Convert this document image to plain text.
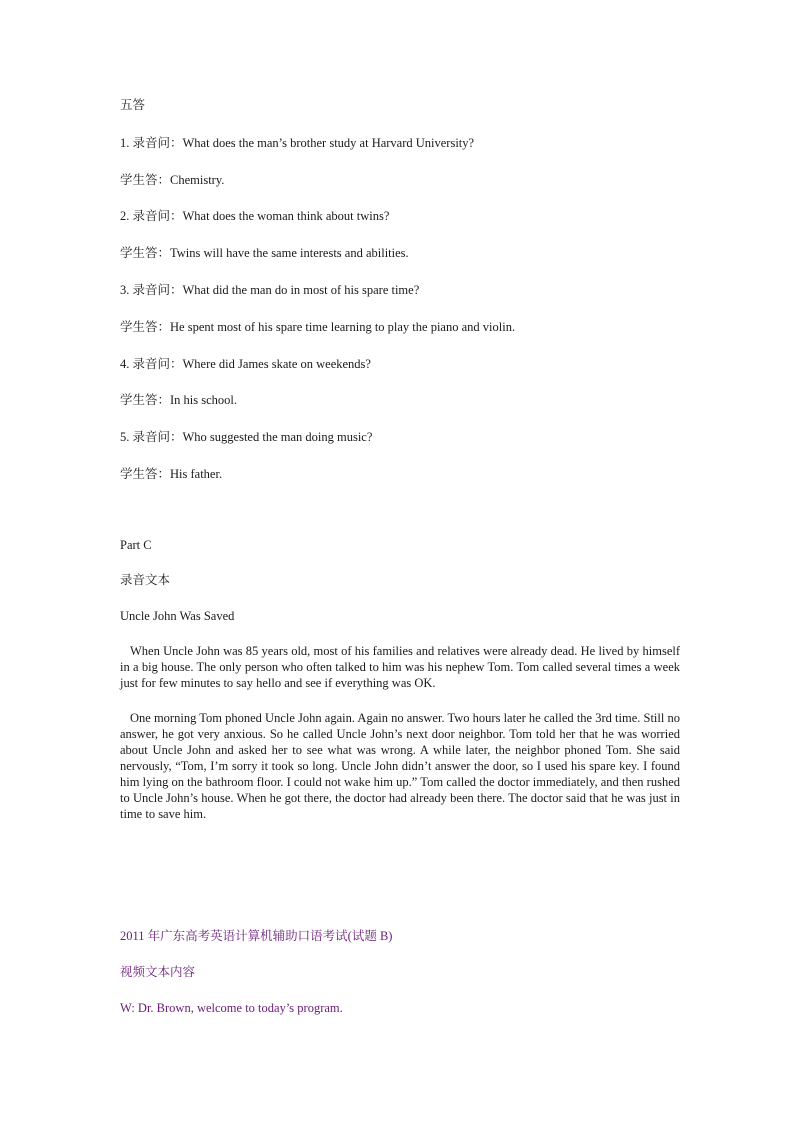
五答
1. 录音问：What does the man’s brother study at Harvard University?
学生答：Chemistry.
2. 录音问：What does the woman think about twins?
学生答：Twins will have the same interests and abilities.
3. 录音问：What did the man do in most of his spare time?
学生答：He spent most of his spare time learning to play the piano and violin.
4. 录音问：Where did James skate on weekends?
学生答：In his school.
5. 录音问：Who suggested the man doing music?
学生答：His father.
Part C
录音文本
Uncle John Was Saved
When Uncle John was 85 years old, most of his families and relatives were already dead. He lived by himself in a big house. The only person who often talked to him was his nephew Tom. Tom called several times a week just for few minutes to say hello and see if everything was OK.
One morning Tom phoned Uncle John again. Again no answer. Two hours later he called the 3rd time. Still no answer, he got very anxious. So he called Uncle John’s next door neighbor. Tom told her that he was worried about Uncle John and asked her to see what was wrong. A while later, the neighbor phoned Tom. She said nervously, “Tom, I’m sorry it took so long. Uncle John didn’t answer the door, so I used his spare key. I found him lying on the bathroom floor. I could not wake him up.” Tom called the doctor immediately, and then rushed to Uncle John’s house. When he got there, the doctor had already been there. The doctor said that he was just in time to save him.
2011 年广东高考英语计算机辅助口语考试(试题 B)
视频文本内容
W: Dr. Brown, welcome to today’s program.
